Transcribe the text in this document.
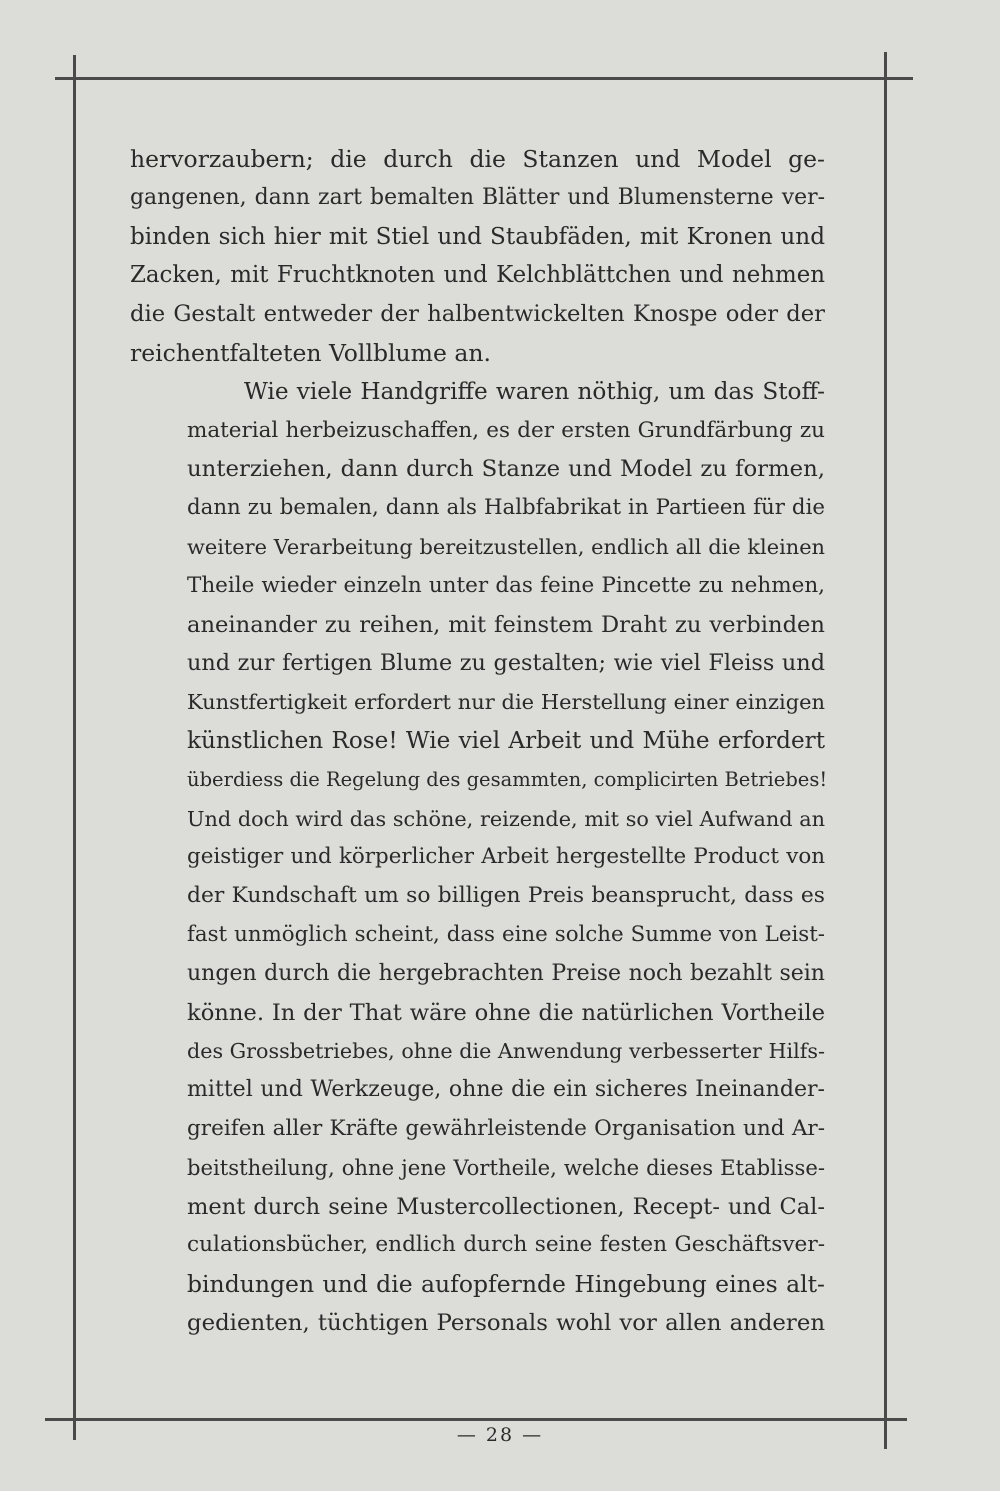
hervorzaubern; die durch die Stanzen und Model ge-
gangenen, dann zart bemalten Blätter und Blumensterne ver-
binden sich hier mit Stiel und Staubfäden, mit Kronen und
Zacken, mit Fruchtknoten und Kelchblättchen und nehmen
die Gestalt entweder der halbentwickelten Knospe oder der
reichentfalteten Vollblume an.

Wie viele Handgriffe waren nöthig, um das Stoff-
material herbeizuschaffen, es der ersten Grundfärbung zu
unterziehen, dann durch Stanze und Model zu formen,
dann zu bemalen, dann als Halbfabrikat in Partieen für die
weitere Verarbeitung bereitzustellen, endlich all die kleinen
Theile wieder einzeln unter das feine Pincette zu nehmen,
aneinander zu reihen, mit feinstem Draht zu verbinden
und zur fertigen Blume zu gestalten; wie viel Fleiss und
Kunstfertigkeit erfordert nur die Herstellung einer einzigen
künstlichen Rose! Wie viel Arbeit und Mühe erfordert
überdiess die Regelung des gesammten, complicirten Betriebes!
Und doch wird das schöne, reizende, mit so viel Aufwand an
geistiger und körperlicher Arbeit hergestellte Product von
der Kundschaft um so billigen Preis beansprucht, dass es
fast unmöglich scheint, dass eine solche Summe von Leist-
ungen durch die hergebrachten Preise noch bezahlt sein
könne. In der That wäre ohne die natürlichen Vortheile
des Grossbetriebes, ohne die Anwendung verbesserter Hilfs-
mittel und Werkzeuge, ohne die ein sicheres Ineinander-
greifen aller Kräfte gewährleistende Organisation und Ar-
beitstheilung, ohne jene Vortheile, welche dieses Etablisse-
ment durch seine Mustercollectionen, Recept- und Cal-
culationsbücher, endlich durch seine festen Geschäftsver-
bindungen und die aufopfernde Hingebung eines alt-
gedienten, tüchtigen Personals wohl vor allen anderen

— 28 —
